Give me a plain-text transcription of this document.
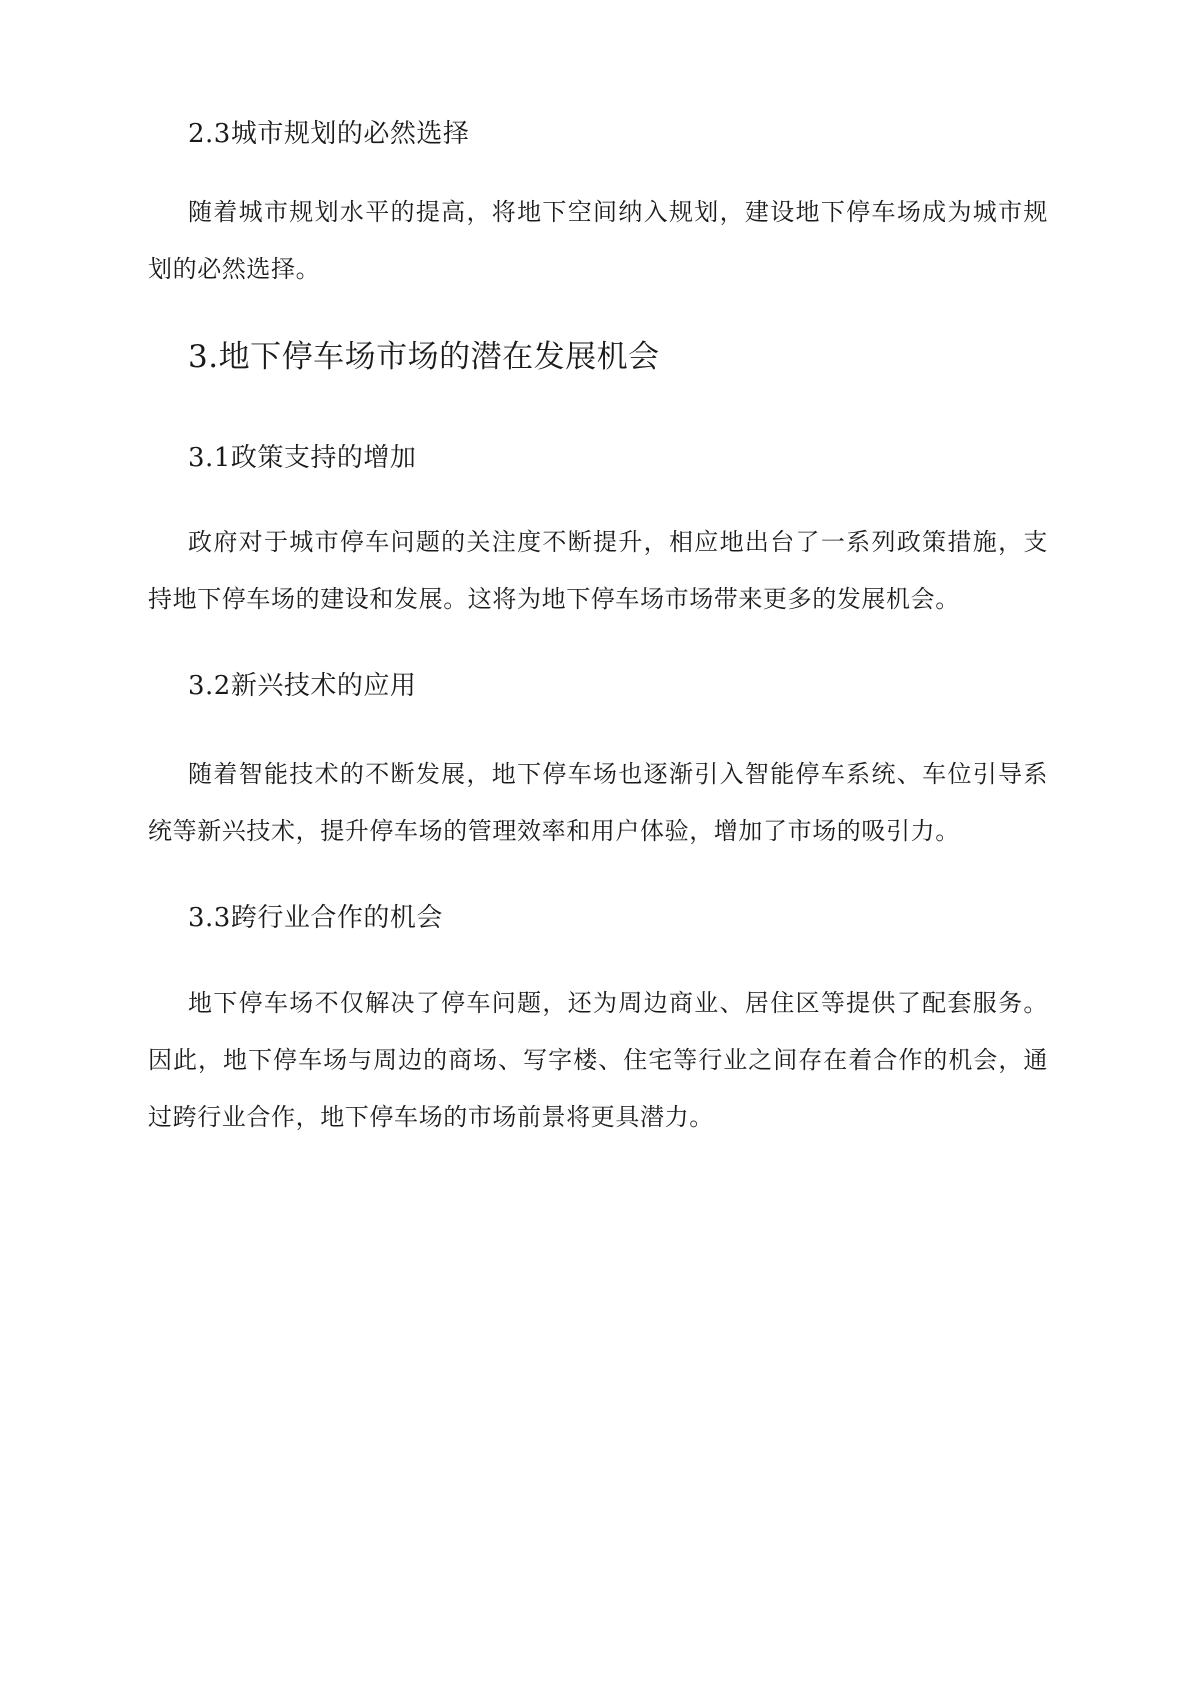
2.3城市规划的必然选择

随着城市规划水平的提高，将地下空间纳入规划，建设地下停车场成为城市规划的必然选择。

3.地下停车场市场的潜在发展机会
3.1政策支持的增加

政府对于城市停车问题的关注度不断提升，相应地出台了一系列政策措施，支持地下停车场的建设和发展。这将为地下停车场市场带来更多的发展机会。

3.2新兴技术的应用

随着智能技术的不断发展，地下停车场也逐渐引入智能停车系统、车位引导系统等新兴技术，提升停车场的管理效率和用户体验，增加了市场的吸引力。

3.3跨行业合作的机会

地下停车场不仅解决了停车问题，还为周边商业、居住区等提供了配套服务。因此，地下停车场与周边的商场、写字楼、住宅等行业之间存在着合作的机会，通过跨行业合作，地下停车场的市场前景将更具潜力。
